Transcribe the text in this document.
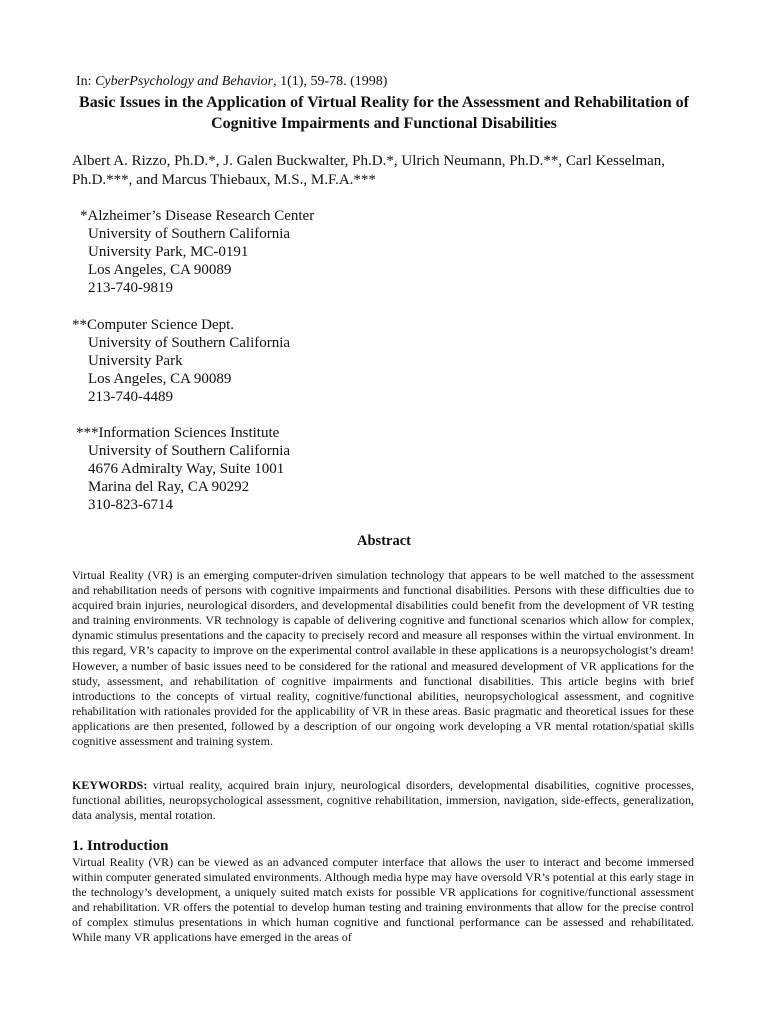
In: CyberPsychology and Behavior, 1(1), 59-78. (1998)
Basic Issues in the Application of Virtual Reality for the Assessment and Rehabilitation of Cognitive Impairments and Functional Disabilities

Albert A. Rizzo, Ph.D.*, J. Galen Buckwalter, Ph.D.*, Ulrich Neumann, Ph.D.**, Carl Kesselman, Ph.D.***, and Marcus Thiebaux, M.S., M.F.A.***

*Alzheimer’s Disease Research Center
University of Southern California
University Park, MC-0191
Los Angeles, CA 90089
213-740-9819
**Computer Science Dept.
University of Southern California
University Park
Los Angeles, CA 90089
213-740-4489
***Information Sciences Institute
University of Southern California
4676 Admiralty Way, Suite 1001
Marina del Ray, CA 90292
310-823-6714
Abstract

Virtual Reality (VR) is an emerging computer-driven simulation technology that appears to be well matched to the assessment and rehabilitation needs of persons with cognitive impairments and functional disabilities. Persons with these difficulties due to acquired brain injuries, neurological disorders, and developmental disabilities could benefit from the development of VR testing and training environments. VR technology is capable of delivering cognitive and functional scenarios which allow for complex, dynamic stimulus presentations and the capacity to precisely record and measure all responses within the virtual environment. In this regard, VR’s capacity to improve on the experimental control available in these applications is a neuropsychologist’s dream! However, a number of basic issues need to be considered for the rational and measured development of VR applications for the study, assessment, and rehabilitation of cognitive impairments and functional disabilities. This article begins with brief introductions to the concepts of virtual reality, cognitive/functional abilities, neuropsychological assessment, and cognitive rehabilitation with rationales provided for the applicability of VR in these areas. Basic pragmatic and theoretical issues for these applications are then presented, followed by a description of our ongoing work developing a VR mental rotation/spatial skills cognitive assessment and training system.

KEYWORDS: virtual reality, acquired brain injury, neurological disorders, developmental disabilities, cognitive processes, functional abilities, neuropsychological assessment, cognitive rehabilitation, immersion, navigation, side-effects, generalization, data analysis, mental rotation.

1. Introduction

Virtual Reality (VR) can be viewed as an advanced computer interface that allows the user to interact and become immersed within computer generated simulated environments. Although media hype may have oversold VR’s potential at this early stage in the technology’s development, a uniquely suited match exists for possible VR applications for cognitive/functional assessment and rehabilitation. VR offers the potential to develop human testing and training environments that allow for the precise control of complex stimulus presentations in which human cognitive and functional performance can be assessed and rehabilitated. While many VR applications have emerged in the areas of
